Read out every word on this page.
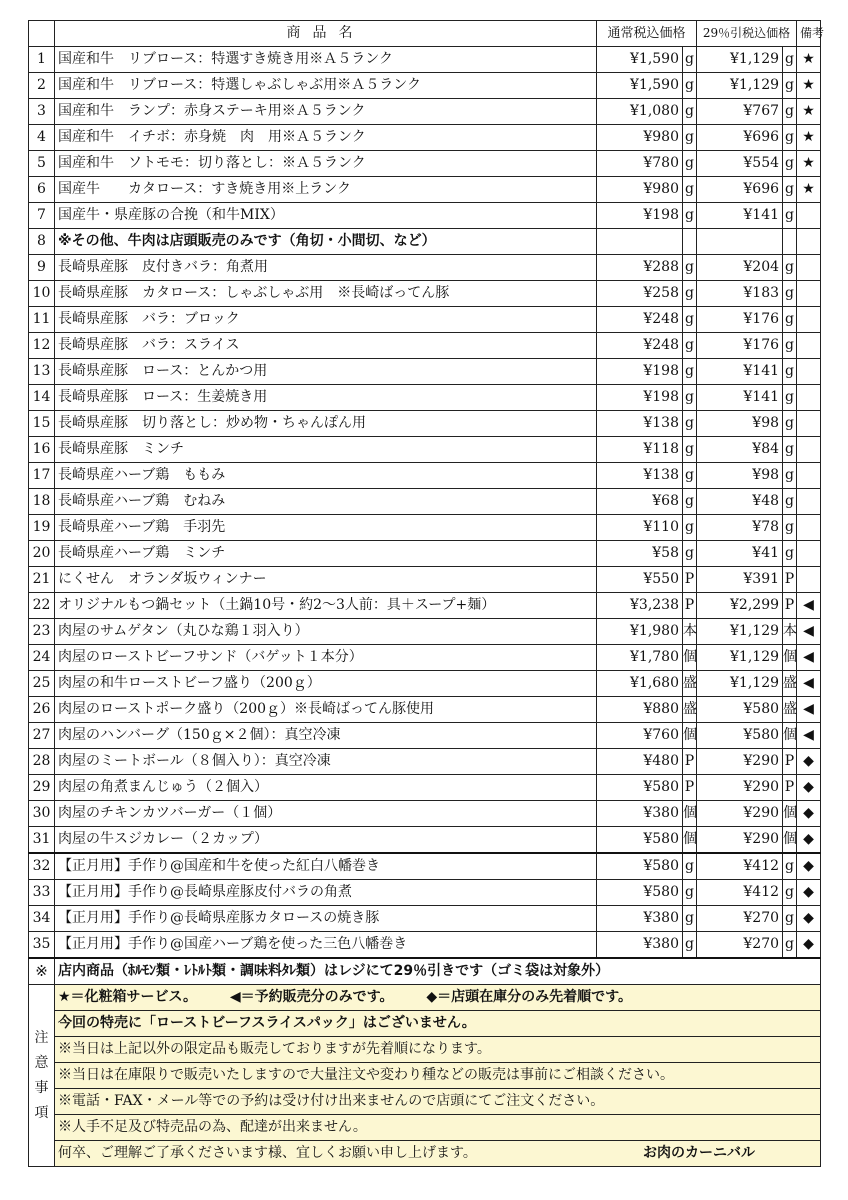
	商品名	通常税込価格		29％引税込価格		備考
1	国産和牛　リブロース：特選すき焼き用※Ａ５ランク	¥1,590	g	¥1,129	g	★
2	国産和牛　リブロース：特選しゃぶしゃぶ用※Ａ５ランク	¥1,590	g	¥1,129	g	★
3	国産和牛　ランプ：赤身ステーキ用※Ａ５ランク	¥1,080	g	¥767	g	★
4	国産和牛　イチボ：赤身焼　肉　用※Ａ５ランク	¥980	g	¥696	g	★
5	国産和牛　ソトモモ：切り落とし：※Ａ５ランク	¥780	g	¥554	g	★
6	国産牛　　カタロース：すき焼き用※上ランク	¥980	g	¥696	g	★
7	国産牛・県産豚の合挽（和牛MIX）	¥198	g	¥141	g	
8	※その他、牛肉は店頭販売のみです（角切・小間切、など）					
9	長崎県産豚　皮付きバラ：角煮用	¥288	g	¥204	g	
10	長崎県産豚　カタロース：しゃぶしゃぶ用　※長崎ばってん豚	¥258	g	¥183	g	
11	長崎県産豚　バラ：ブロック	¥248	g	¥176	g	
12	長崎県産豚　バラ：スライス	¥248	g	¥176	g	
13	長崎県産豚　ロース：とんかつ用	¥198	g	¥141	g	
14	長崎県産豚　ロース：生姜焼き用	¥198	g	¥141	g	
15	長崎県産豚　切り落とし：炒め物・ちゃんぽん用	¥138	g	¥98	g	
16	長崎県産豚　ミンチ	¥118	g	¥84	g	
17	長崎県産ハーブ鶏　ももみ	¥138	g	¥98	g	
18	長崎県産ハーブ鶏　むねみ	¥68	g	¥48	g	
19	長崎県産ハーブ鶏　手羽先	¥110	g	¥78	g	
20	長崎県産ハーブ鶏　ミンチ	¥58	g	¥41	g	
21	にくせん　オランダ坂ウィンナー	¥550	P	¥391	P	
22	オリジナルもつ鍋セット（土鍋10号・約2～3人前：具＋スープ+麺）	¥3,238	P	¥2,299	P	◀
23	肉屋のサムゲタン（丸ひな鶏１羽入り）	¥1,980	本	¥1,129	本	◀
24	肉屋のローストビーフサンド（バゲット１本分）	¥1,780	個	¥1,129	個	◀
25	肉屋の和牛ローストビーフ盛り（200ｇ）	¥1,680	盛	¥1,129	盛	◀
26	肉屋のローストポーク盛り（200ｇ）※長崎ばってん豚使用	¥880	盛	¥580	盛	◀
27	肉屋のハンバーグ（150ｇ×２個）：真空冷凍	¥760	個	¥580	個	◀
28	肉屋のミートボール（８個入り）：真空冷凍	¥480	P	¥290	P	◆
29	肉屋の角煮まんじゅう（２個入）	¥580	P	¥290	P	◆
30	肉屋のチキンカツバーガー（１個）	¥380	個	¥290	個	◆
31	肉屋の牛スジカレー（２カップ）	¥580	個	¥290	個	◆
32	【正月用】手作り@国産和牛を使った紅白八幡巻き	¥580	g	¥412	g	◆
33	【正月用】手作り@長崎県産豚皮付バラの角煮	¥580	g	¥412	g	◆
34	【正月用】手作り@長崎県産豚カタロースの焼き豚	¥380	g	¥270	g	◆
35	【正月用】手作り@国産ハーブ鶏を使った三色八幡巻き	¥380	g	¥270	g	◆
※	店内商品（ﾎﾙﾓﾝ類・ﾚﾄﾙﾄ類・調味料ﾀﾚ類）はレジにて29％引きです（ゴミ袋は対象外）					
注
意
事
項
	★＝化粧箱サービス。 ◀＝予約販売分のみです。 ◆＝店頭在庫分のみ先着順です。
今回の特売に「ローストビーフスライスパック」はございません。
※当日は上記以外の限定品も販売しておりますが先着順になります。
※当日は在庫限りで販売いたしますので大量注文や変わり種などの販売は事前にご相談ください。
※電話・FAX・メール等での予約は受け付け出来ませんので店頭にてご注文ください。
※人手不足及び特売品の為、配達が出来ません。
何卒、ご理解ご了承くださいます様、宜しくお願い申し上げます。	お肉のカーニバル
